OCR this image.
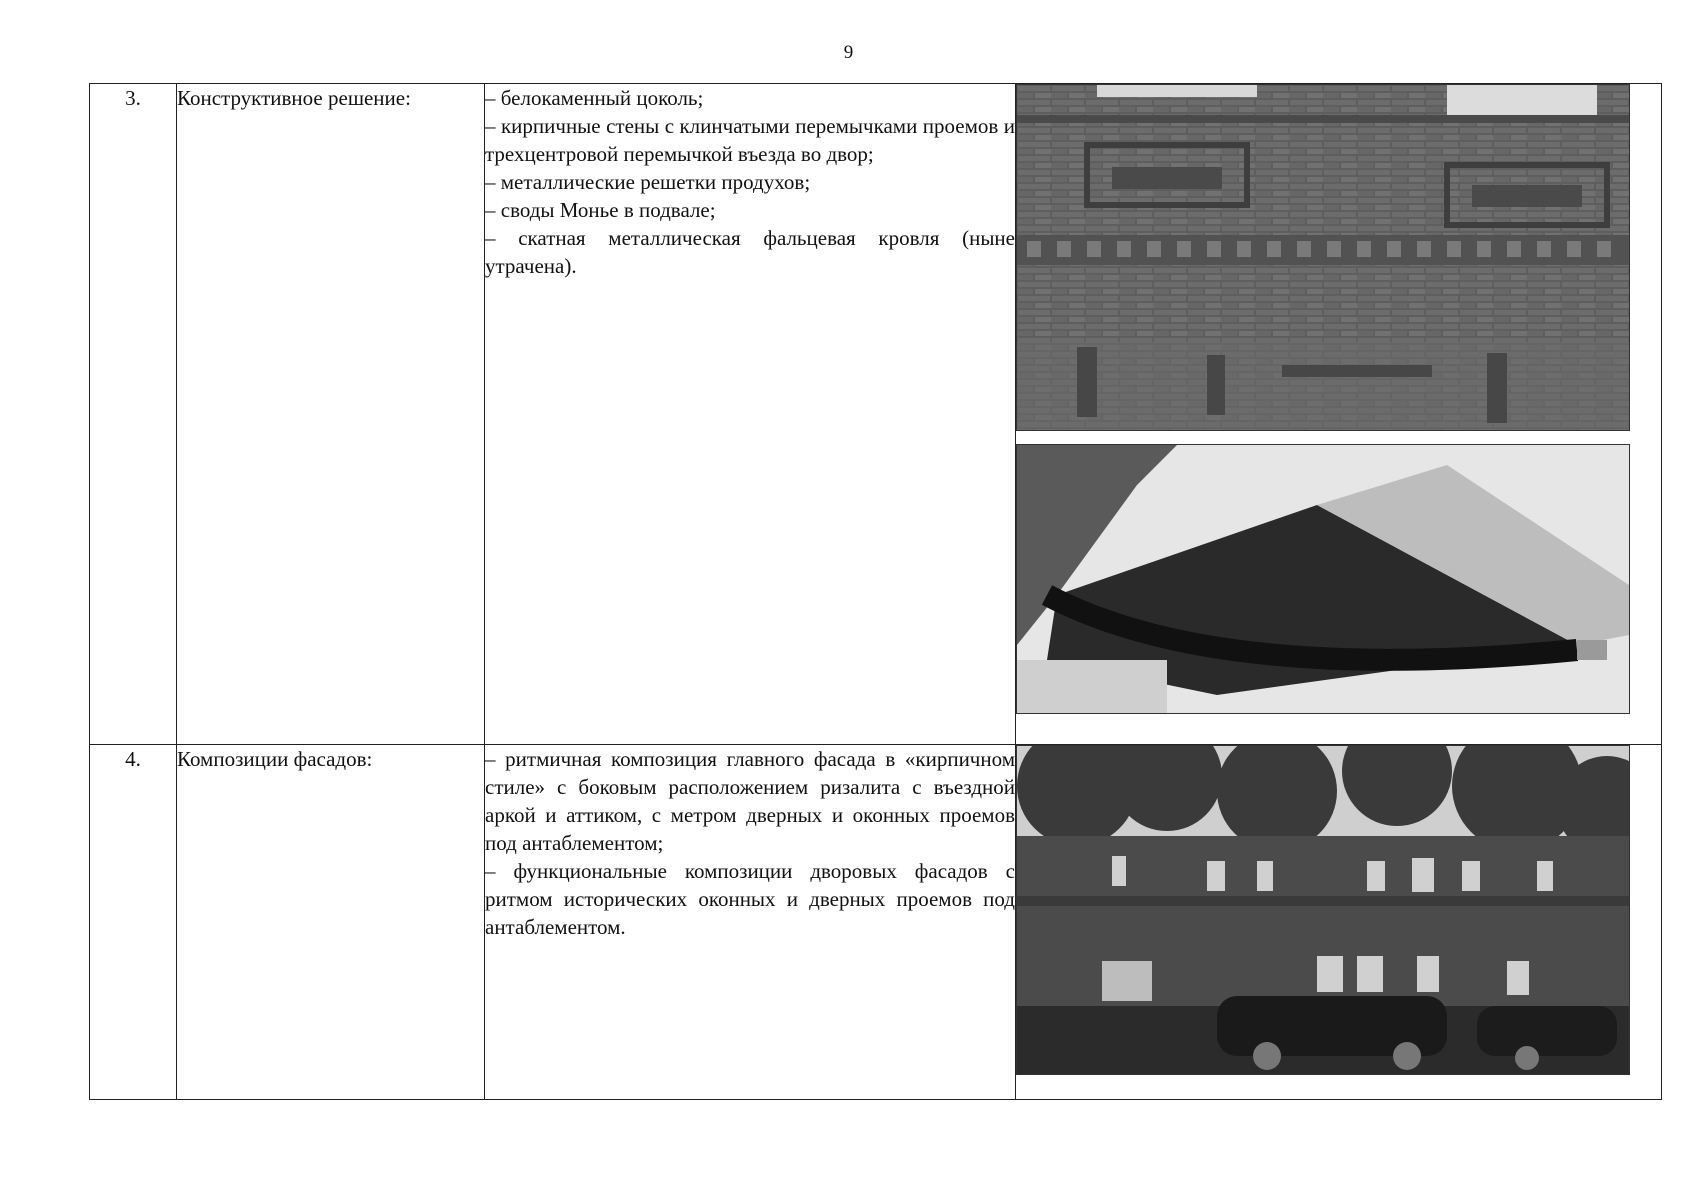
9
3.	Конструктивное решение:	– белокаменный цоколь;
– кирпичные стены с клинчатыми перемычками проемов и трехцентровой перемычкой въезда во двор;
– металлические решетки продухов;
– своды Монье в подвале;
– скатная металлическая фальцевая кровля (ныне утрачена).

4.	Композиции фасадов:	– ритмичная композиция главного фасада в «кирпичном стиле» с боковым расположением ризалита с въездной аркой и аттиком, с метром дверных и оконных проемов под антаблементом;
– функциональные композиции дворовых фасадов с ритмом исторических оконных и дверных проемов под антаблементом.
